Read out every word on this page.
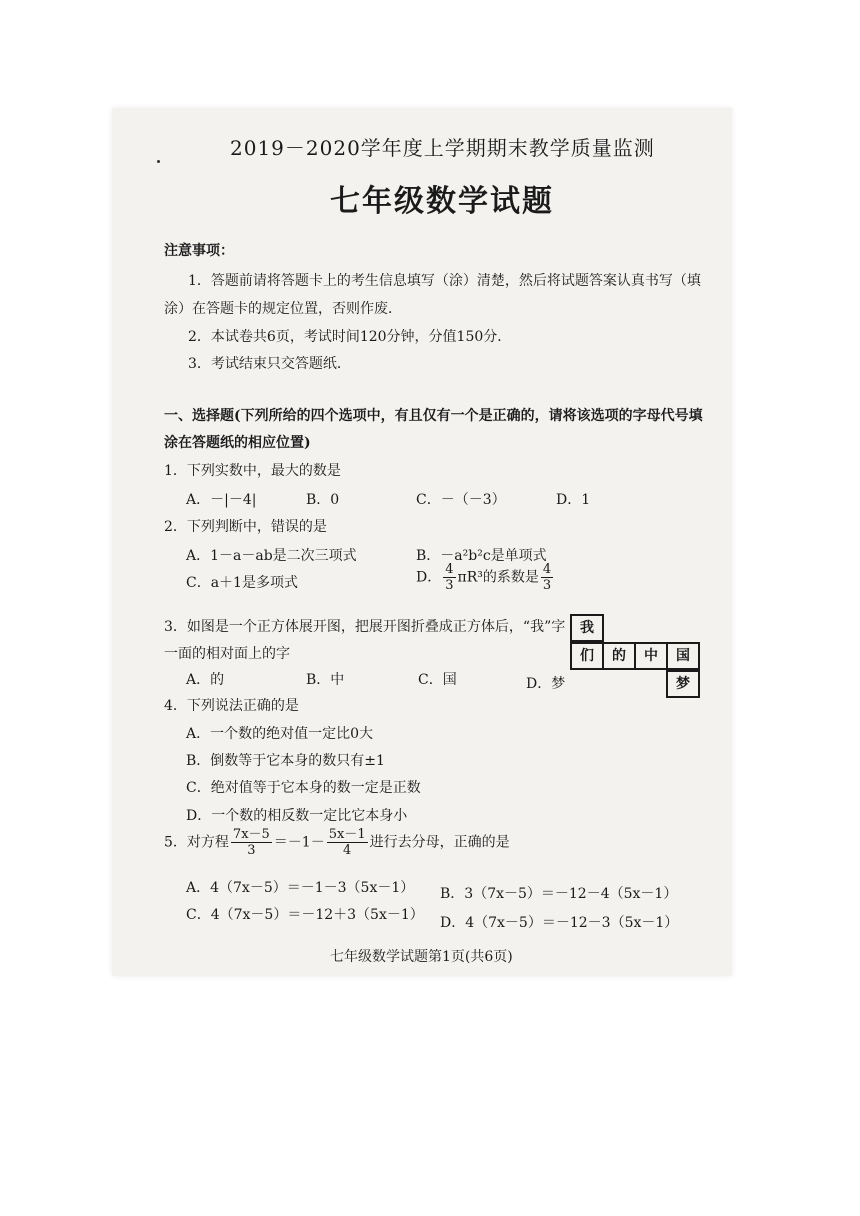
2019－2020学年度上学期期末教学质量监测
七年级数学试题
注意事项：
1．答题前请将答题卡上的考生信息填写（涂）清楚，然后将试题答案认真书写（填
涂）在答题卡的规定位置，否则作废．
2．本试卷共6页，考试时间120分钟，分值150分．
3．考试结束只交答题纸．
一、选择题(下列所给的四个选项中，有且仅有一个是正确的，请将该选项的字母代号填
涂在答题纸的相应位置)
1．下列实数中，最大的数是
A．－|－4|	B．0	C．－（－3）	D．1
2．下列判断中，错误的是
A．1－a－ab是二次三项式	B．－a²b²c是单项式
C．a＋1是多项式	D． $\frac{4}{3} \pi R^3$的系数是 $\frac{4}{3}$
3．如图是一个正方体展开图，把展开图折叠成正方体后，“我”字
一面的相对面上的字
A．的	B．中	C．国	D．梦
我
们	的	中	国
梦
4．下列说法正确的是
A．一个数的绝对值一定比0大
B．倒数等于它本身的数只有±1
C．绝对值等于它本身的数一定是正数
D．一个数的相反数一定比它本身小
5．对方程 $\frac{7x-5}{3} =-1- \frac{5x-1}{4}$ 进行去分母，正确的是
A．4（7x－5）＝－1－3（5x－1） B．3（7x－5）＝－12－4（5x－1）
C．4（7x－5）＝－12＋3（5x－1） D．4（7x－5）＝－12－3（5x－1）
七年级数学试题第1页(共6页)
